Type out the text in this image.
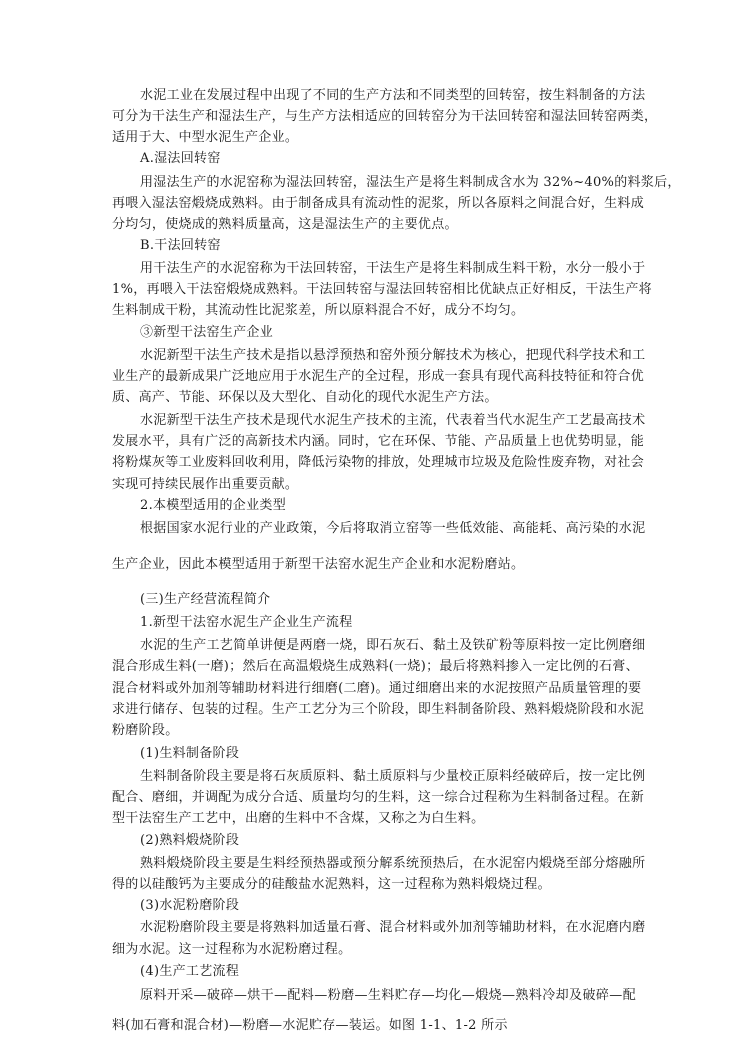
水泥工业在发展过程中出现了不同的生产方法和不同类型的回转窑，按生料制备的方法
可分为干法生产和湿法生产，与生产方法相适应的回转窑分为干法回转窑和湿法回转窑两类，
适用于大、中型水泥生产企业。
A.湿法回转窑
用湿法生产的水泥窑称为湿法回转窑，湿法生产是将生料制成含水为 32%~40%的料浆后，
再喂入湿法窑煅烧成熟料。由于制备成具有流动性的泥浆，所以各原料之间混合好，生料成
分均匀，使烧成的熟料质量高，这是湿法生产的主要优点。
B.干法回转窑
用干法生产的水泥窑称为干法回转窑，干法生产是将生料制成生料干粉，水分一般小于
1%，再喂入干法窑煅烧成熟料。干法回转窑与湿法回转窑相比优缺点正好相反，干法生产将
生料制成干粉，其流动性比泥浆差，所以原料混合不好，成分不均匀。
③新型干法窑生产企业
水泥新型干法生产技术是指以悬浮预热和窑外预分解技术为核心，把现代科学技术和工
业生产的最新成果广泛地应用于水泥生产的全过程，形成一套具有现代高科技特征和符合优
质、高产、节能、环保以及大型化、自动化的现代水泥生产方法。
水泥新型干法生产技术是现代水泥生产技术的主流，代表着当代水泥生产工艺最高技术
发展水平，具有广泛的高新技术内涵。同时，它在环保、节能、产品质量上也优势明显，能
将粉煤灰等工业废料回收利用，降低污染物的排放，处理城市垃圾及危险性废弃物，对社会
实现可持续民展作出重要贡献。
2.本模型适用的企业类型
根据国家水泥行业的产业政策，今后将取消立窑等一些低效能、高能耗、高污染的水泥
生产企业，因此本模型适用于新型干法窑水泥生产企业和水泥粉磨站。
(三)生产经营流程简介
1.新型干法窑水泥生产企业生产流程
水泥的生产工艺简单讲便是两磨一烧，即石灰石、黏土及铁矿粉等原料按一定比例磨细
混合形成生料(一磨)；然后在高温煅烧生成熟料(一烧)；最后将熟料掺入一定比例的石膏、
混合材料或外加剂等辅助材料进行细磨(二磨)。通过细磨出来的水泥按照产品质量管理的要
求进行储存、包装的过程。生产工艺分为三个阶段，即生料制备阶段、熟料煅烧阶段和水泥
粉磨阶段。
(1)生料制备阶段
生料制备阶段主要是将石灰质原料、黏土质原料与少量校正原料经破碎后，按一定比例
配合、磨细，并调配为成分合适、质量均匀的生料，这一综合过程称为生料制备过程。在新
型干法窑生产工艺中，出磨的生料中不含煤，又称之为白生料。
(2)熟料煅烧阶段
熟料煅烧阶段主要是生料经预热器或预分解系统预热后，在水泥窑内煅烧至部分熔融所
得的以硅酸钙为主要成分的硅酸盐水泥熟料，这一过程称为熟料煅烧过程。
(3)水泥粉磨阶段
水泥粉磨阶段主要是将熟料加适量石膏、混合材料或外加剂等辅助材料，在水泥磨内磨
细为水泥。这一过程称为水泥粉磨过程。
(4)生产工艺流程
原料开采—破碎—烘干—配料—粉磨—生料贮存—均化—煅烧—熟料冷却及破碎—配
料(加石膏和混合材)—粉磨—水泥贮存—装运。如图 1-1、1-2 所示
